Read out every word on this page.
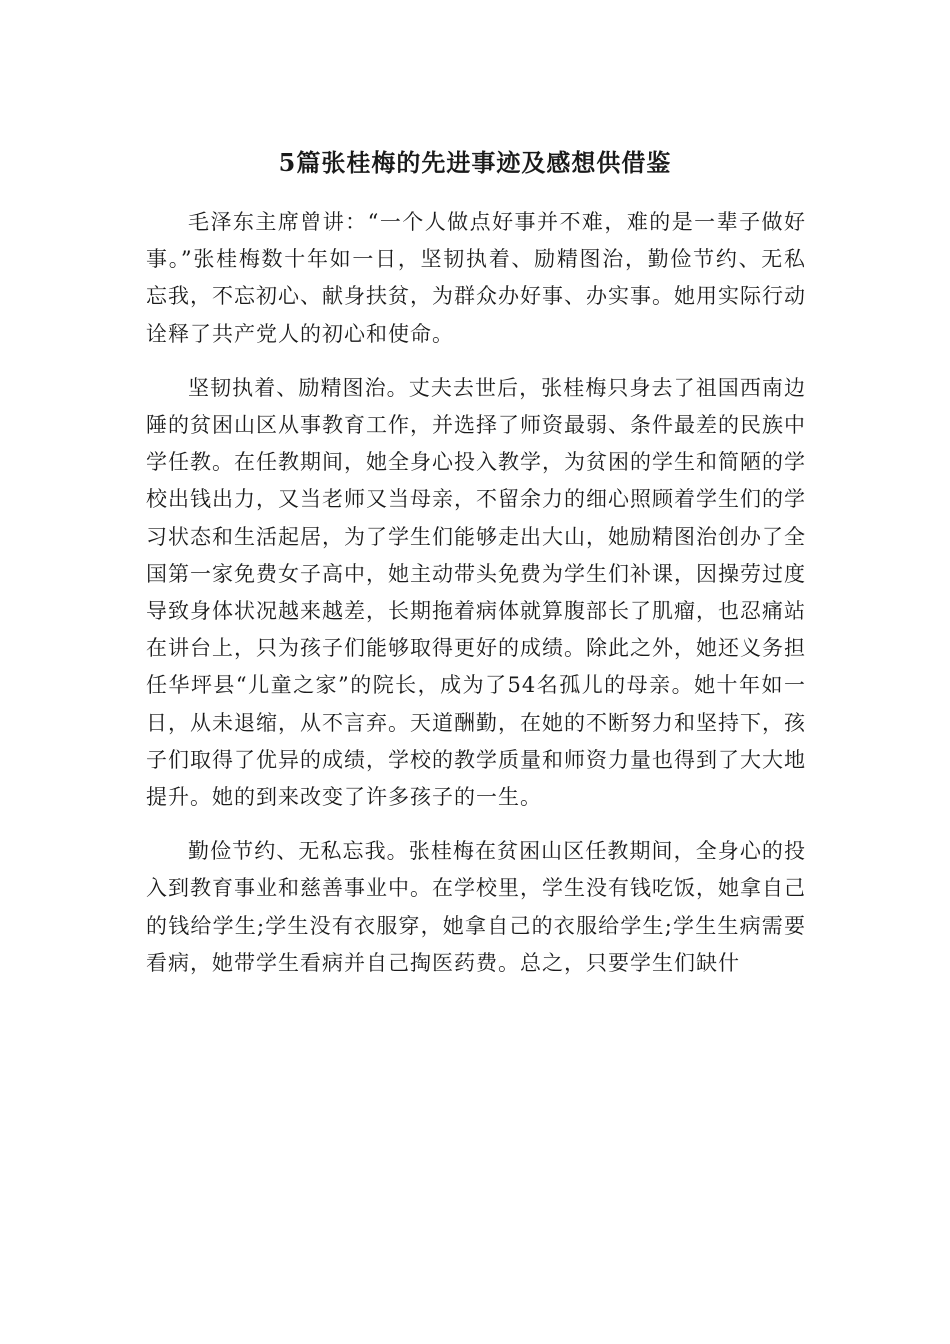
5篇张桂梅的先进事迹及感想供借鉴

毛泽东主席曾讲：“一个人做点好事并不难，难的是一辈子做好事。”张桂梅数十年如一日，坚韧执着、励精图治，勤俭节约、无私忘我，不忘初心、献身扶贫，为群众办好事、办实事。她用实际行动诠释了共产党人的初心和使命。

坚韧执着、励精图治。丈夫去世后，张桂梅只身去了祖国西南边陲的贫困山区从事教育工作，并选择了师资最弱、条件最差的民族中学任教。在任教期间，她全身心投入教学，为贫困的学生和简陋的学校出钱出力，又当老师又当母亲，不留余力的细心照顾着学生们的学习状态和生活起居，为了学生们能够走出大山，她励精图治创办了全国第一家免费女子高中，她主动带头免费为学生们补课，因操劳过度导致身体状况越来越差，长期拖着病体就算腹部长了肌瘤，也忍痛站在讲台上，只为孩子们能够取得更好的成绩。除此之外，她还义务担任华坪县“儿童之家”的院长，成为了54名孤儿的母亲。她十年如一日，从未退缩，从不言弃。天道酬勤，在她的不断努力和坚持下，孩子们取得了优异的成绩，学校的教学质量和师资力量也得到了大大地提升。她的到来改变了许多孩子的一生。

勤俭节约、无私忘我。张桂梅在贫困山区任教期间，全身心的投入到教育事业和慈善事业中。在学校里，学生没有钱吃饭，她拿自己的钱给学生;学生没有衣服穿，她拿自己的衣服给学生;学生生病需要看病，她带学生看病并自己掏医药费。总之，只要学生们缺什
